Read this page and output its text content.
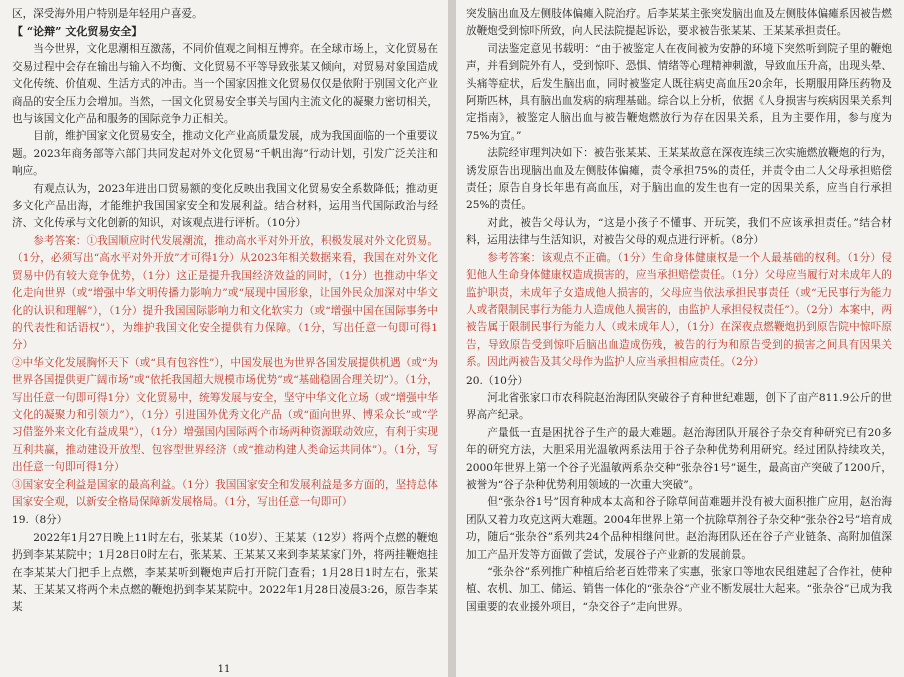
区，深受海外用户特别是年轻用户喜爱。

【 “论辩” 文化贸易安全】

当今世界，文化思潮相互激荡，不同价值观之间相互博弈。在全球市场上，文化贸易在交易过程中会存在输出与输入不均衡、文化贸易不平等导致张某又倾向，对贸易对象国造成文化传统、价值观、生活方式的冲击。当一个国家因推文化贸易仅仅是依附于别国文化产业商品的安全压力会增加。当然，一国文化贸易安全事关与国内主流文化的凝聚力密切相关，也与该国文化产品和服务的国际竞争力正相关。

目前，维护国家文化贸易安全，推动文化产业高质量发展，成为我国面临的一个重要议题。2023年商务部等六部门共同发起对外文化贸易“千帆出海”行动计划，引发广泛关注和响应。

有观点认为，2023年进出口贸易额的变化反映出我国文化贸易安全系数降低；推动更多文化产品出海，才能维护我国国家安全和发展利益。结合材料，运用当代国际政治与经济、文化传承与文化创新的知识，对该观点进行评析。（10分）

参考答案：①我国顺应时代发展潮流，推动高水平对外开放，积极发展对外文化贸易。（1分，必须写出“高水平对外开放”才可得1分）从2023年相关数据来看，我国在对外文化贸易中仍有较大竞争优势，（1分）这正是提升我国经济效益的同时，（1分）也推动中华文化走向世界（或“增强中华文明传播力影响力”或“展现中国形象，让国外民众加深对中华文化的认识和理解”），（1分）提升我国国际影响力和文化软实力（或“增强中国在国际事务中的代表性和话语权”），为维护我国文化安全提供有力保障。（1分，写出任意一句即可得1分）

②中华文化发展胸怀天下（或“具有包容性”），中国发展也为世界各国发展提供机遇（或“为世界各国提供更广阔市场”或“依托我国超大规模市场优势”或“基础稳固合理关切”）。（1分，写出任意一句即可得1分）文化贸易中，统筹发展与安全，坚守中华文化立场（或“增强中华文化的凝聚力和引领力”），（1分）引进国外优秀文化产品（或“面向世界、博采众长”或“学习借鉴外来文化有益成果”），（1分）增强国内国际两个市场两种资源联动效应，有利于实现互利共赢，推动建设开放型、包容型世界经济（或“推动构建人类命运共同体”）。（1分，写出任意一句即可得1分）

③国家安全利益是国家的最高利益。（1分）我国国家安全和发展利益是多方面的，坚持总体国家安全观，以新安全格局保障新发展格局。（1分，写出任意一句即可）

19.（8分）

2022年1月27日晚上11时左右，张某某（10岁）、王某某（12岁）将两个点燃的鞭炮扔到李某某院中；1月28日0时左右，张某某、王某某又来到李某某家门外，将两挂鞭炮挂在李某某大门把手上点燃，李某某听到鞭炮声后打开院门查看；1月28日1时左右，张某某、王某某又将两个未点燃的鞭炮扔到李某某院中。2022年1月28日凌晨3:26，原告李某某

11

突发脑出血及左侧肢体偏瘫入院治疗。后李某某主张突发脑出血及左侧肢体偏瘫系因被告燃放鞭炮受到惊吓所致，向人民法院提起诉讼，要求被告张某某、王某某承担责任。

司法鉴定意见书载明：“由于被鉴定人在夜间被为安静的环境下突然听到院子里的鞭炮声，并看到院外有人，受到惊吓、恐惧、情绪等心理精神刺激，导致血压升高，出现头晕、头痛等症状，后发生脑出血，同时被鉴定人既往病史高血压20余年，长期服用降压药物及阿斯匹林，具有脑出血发病的病理基础。综合以上分析，依据《人身损害与疾病因果关系判定指南》，被鉴定人脑出血与被告鞭炮燃放行为存在因果关系，且为主要作用，参与度为75%为宜。”

法院经审理判决如下：被告张某某、王某某故意在深夜连续三次实施燃放鞭炮的行为，诱发原告出现脑出血及左侧肢体偏瘫，责令承担75%的责任，并责令由二人父母承担赔偿责任；原告自身长年患有高血压，对于脑出血的发生也有一定的因果关系，应当自行承担25%的责任。

对此，被告父母认为，“这是小孩子不懂事、开玩笑，我们不应该承担责任。”结合材料，运用法律与生活知识，对被告父母的观点进行评析。（8分）

参考答案：该观点不正确。（1分）生命身体健康权是一个人最基础的权利。（1分）侵犯他人生命身体健康权造成损害的，应当承担赔偿责任。（1分）父母应当履行对未成年人的监护职责，未成年子女造成他人损害的，父母应当依法承担民事责任（或“无民事行为能力人或者限制民事行为能力人造成他人损害的，由监护人承担侵权责任”）。（2分）本案中，两被告属于限制民事行为能力人（或未成年人），（1分）在深夜点燃鞭炮扔到原告院中惊吓原告，导致原告受到惊吓后脑出血造成伤残，被告的行为和原告受到的损害之间具有因果关系。因此两被告及其父母作为监护人应当承担相应责任。（2分）

20.（10分）

河北省张家口市农科院赵治海团队突破谷子育种世纪难题，创下了亩产811.9公斤的世界高产纪录。

产量低一直是困扰谷子生产的最大难题。赵治海团队开展谷子杂交育种研究已有20多年的研究方法，大胆采用光温敏两系法用于谷子杂种优势利用研究。经过团队持续攻关，2000年世界上第一个谷子光温敏两系杂交种“张杂谷1号”诞生，最高亩产突破了1200斤，被誉为“谷子杂种优势利用领域的一次重大突破”。

但“张杂谷1号”因育种成本太高和谷子除草间苗难题并没有被大面积推广应用，赵治海团队又着力攻克这两大难题。2004年世界上第一个抗除草剂谷子杂交种“张杂谷2号”培育成功，随后“张杂谷”系列共24个品种相继问世。赵治海团队还在谷子产业链条、高附加值深加工产品开发等方面做了尝试，发展谷子产业新的发展前景。

“张杂谷”系列推广种植后给老百姓带来了实惠，张家口等地农民组建起了合作社，使种植、农机、加工、储运、销售一体化的“张杂谷”产业不断发展壮大起来。“张杂谷”已成为我国重要的农业援外项目，“杂交谷子”走向世界。
